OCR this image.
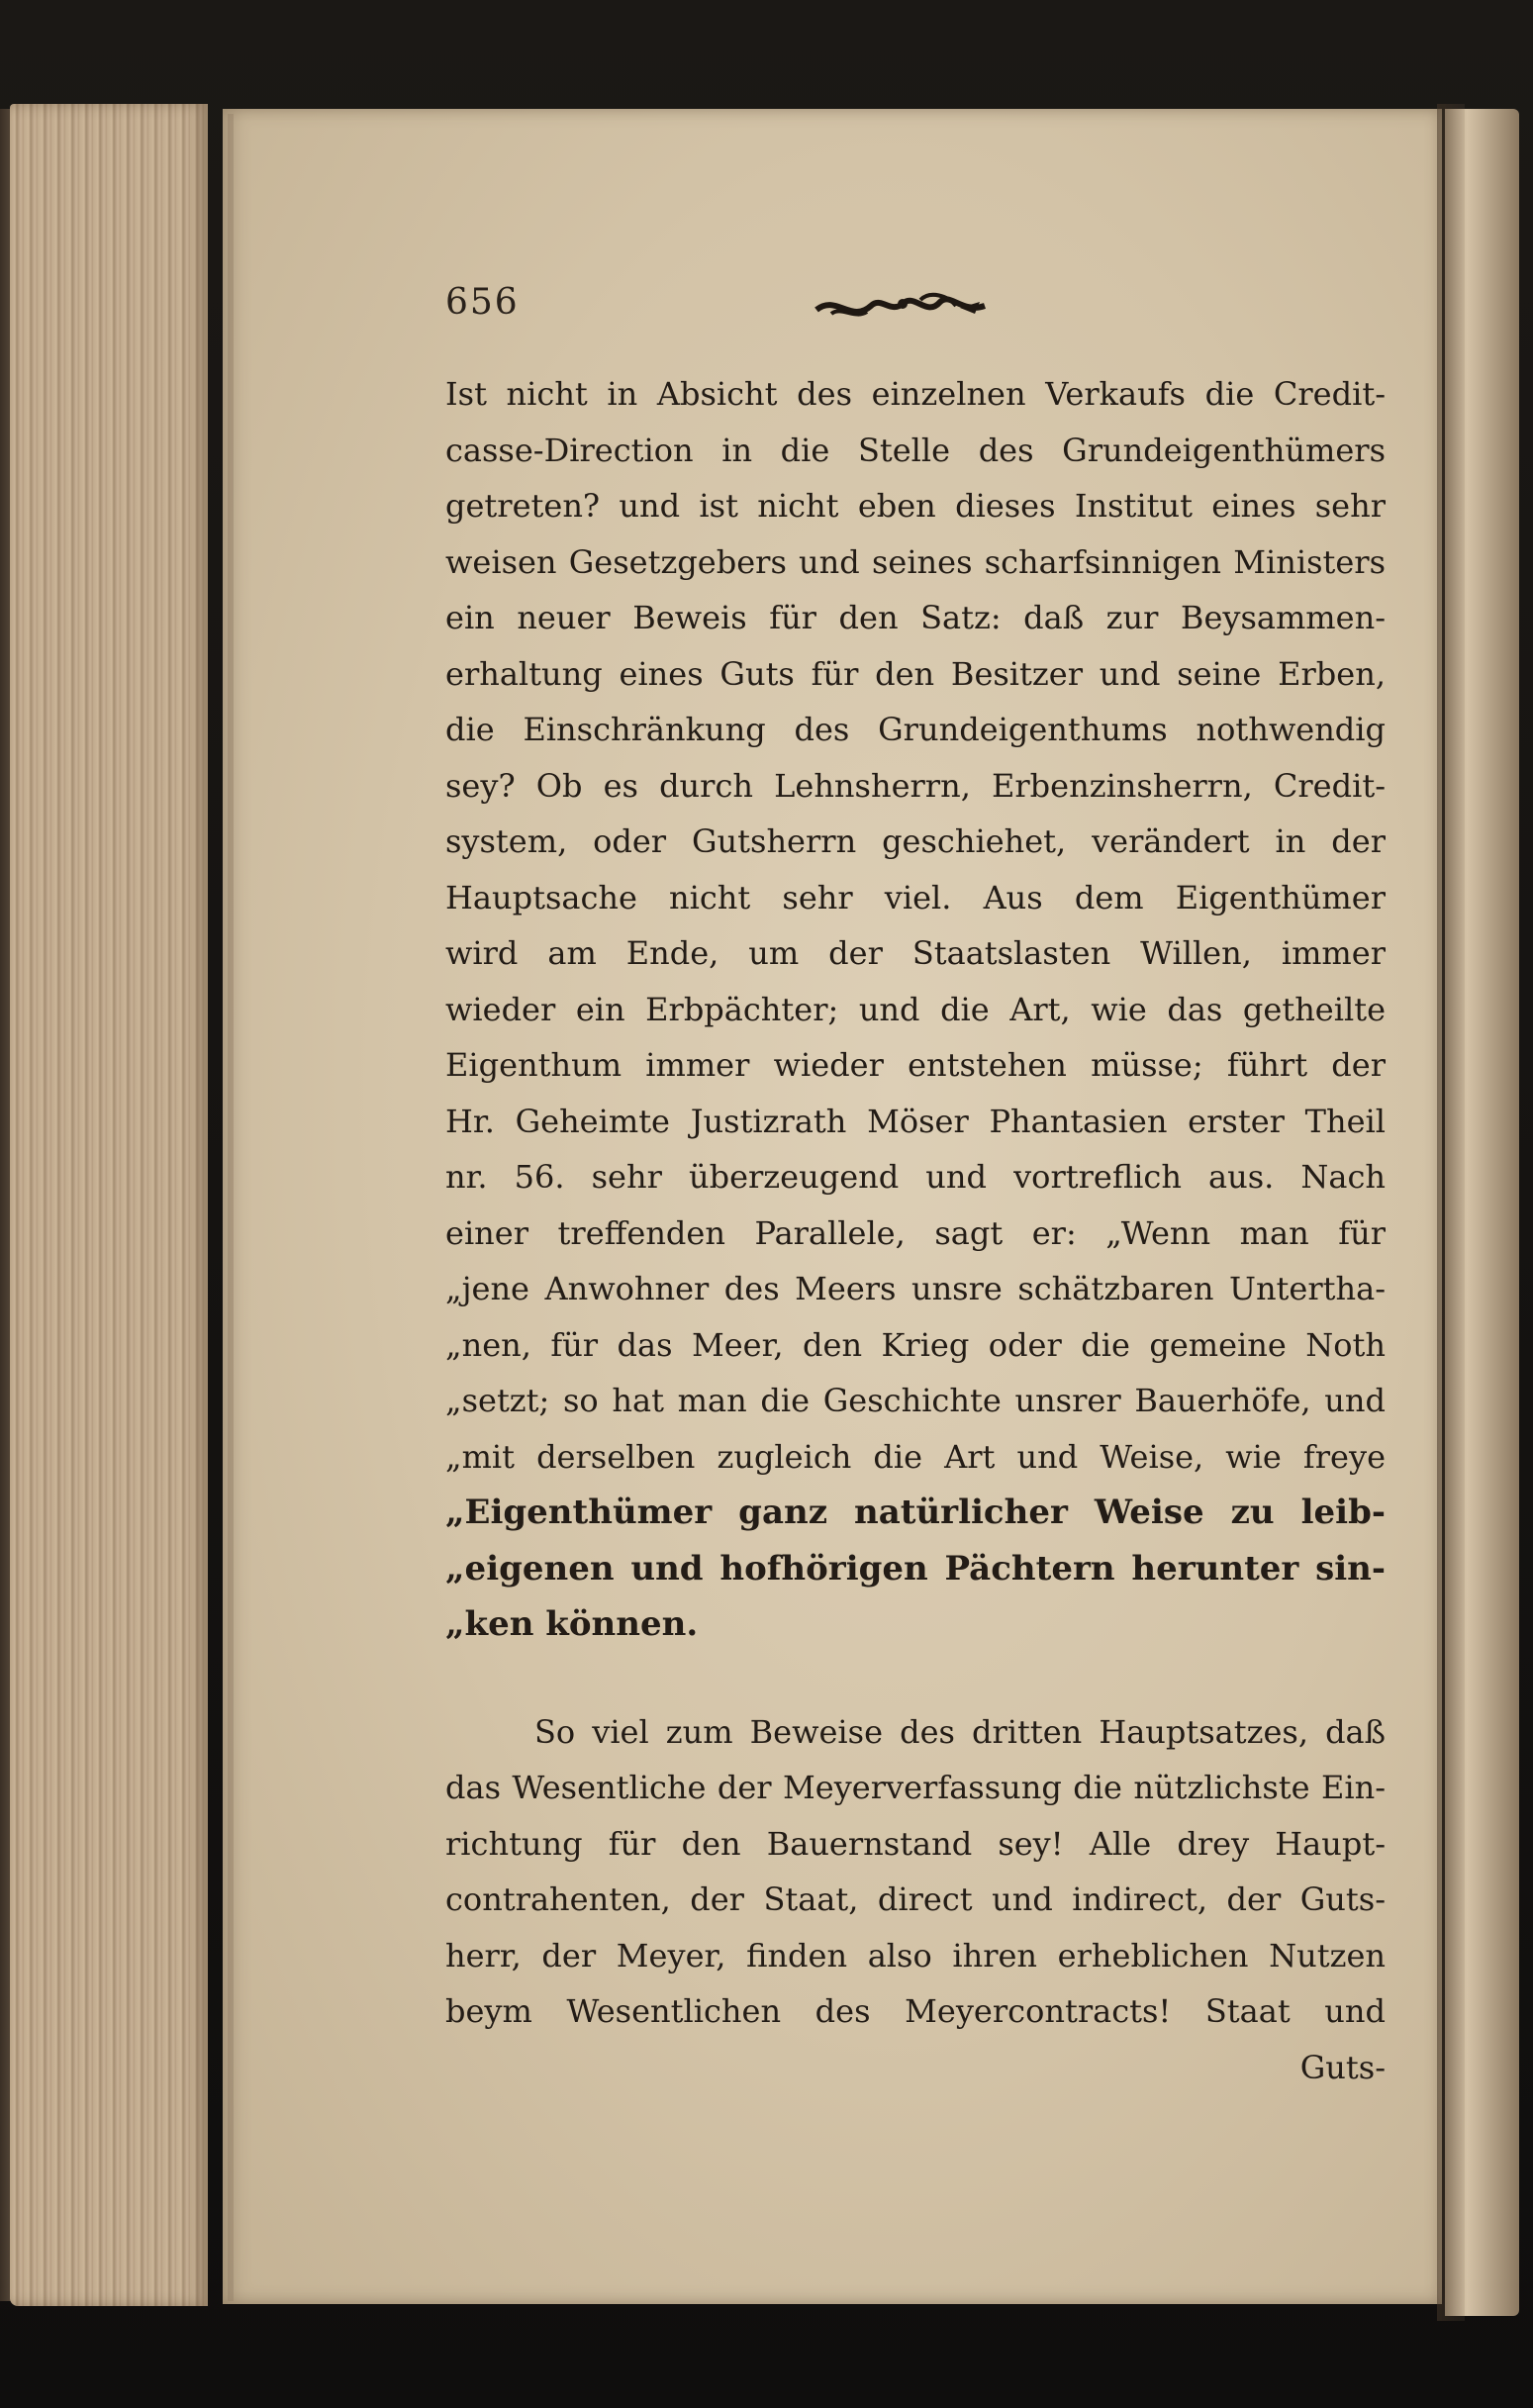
656
Ist nicht in Absicht des einzelnen Verkaufs die Credit-
casse-Direction in die Stelle des Grundeigenthümers
getreten? und ist nicht eben dieses Institut eines sehr
weisen Gesetzgebers und seines scharfsinnigen Ministers
ein neuer Beweis für den Satz: daß zur Beysammen-
erhaltung eines Guts für den Besitzer und seine Erben,
die Einschränkung des Grundeigenthums nothwendig
sey? Ob es durch Lehnsherrn, Erbenzinsherrn, Credit-
system, oder Gutsherrn geschiehet, verändert in der
Hauptsache nicht sehr viel. Aus dem Eigenthümer
wird am Ende, um der Staatslasten Willen, immer
wieder ein Erbpächter; und die Art, wie das getheilte
Eigenthum immer wieder entstehen müsse; führt der
Hr. Geheimte Justizrath Möser Phantasien erster Theil
nr. 56. sehr überzeugend und vortreflich aus. Nach
einer treffenden Parallele, sagt er: „Wenn man für
„jene Anwohner des Meers unsre schätzbaren Untertha-
„nen, für das Meer, den Krieg oder die gemeine Noth
„setzt; so hat man die Geschichte unsrer Bauerhöfe, und
„mit derselben zugleich die Art und Weise, wie freye
„Eigenthümer ganz natürlicher Weise zu leib-
„eigenen und hofhörigen Pächtern herunter sin-
„ken können.
So viel zum Beweise des dritten Hauptsatzes, daß
das Wesentliche der Meyerverfassung die nützlichste Ein-
richtung für den Bauernstand sey! Alle drey Haupt-
contrahenten, der Staat, direct und indirect, der Guts-
herr, der Meyer, finden also ihren erheblichen Nutzen
beym Wesentlichen des Meyercontracts! Staat und
Guts-
